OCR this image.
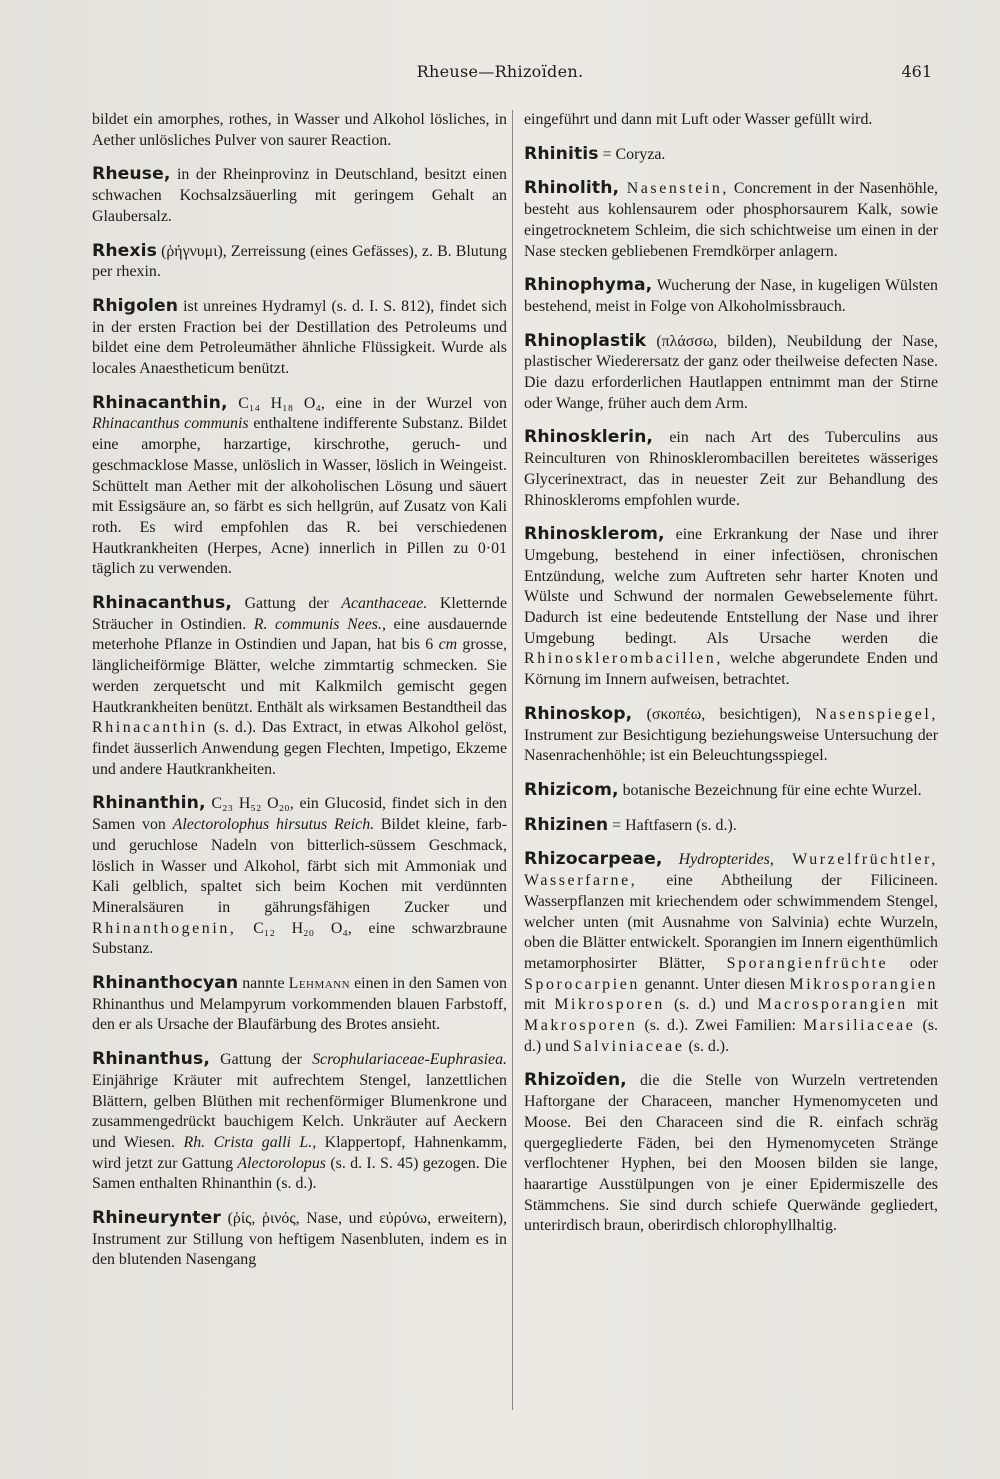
Rheuse—Rhizoïden.	461

bildet ein amorphes, rothes, in Wasser und Alkohol lösliches, in Aether unlösliches Pulver von saurer Reaction.

Rheuse, in der Rheinprovinz in Deutschland, besitzt einen schwachen Kochsalzsäuerling mit geringem Gehalt an Glaubersalz.

Rhexis (ῥήγνυμι), Zerreissung (eines Gefässes), z. B. Blutung per rhexin.

Rhigolen ist unreines Hydramyl (s. d. I. S. 812), findet sich in der ersten Fraction bei der Destillation des Petroleums und bildet eine dem Petroleumäther ähnliche Flüssigkeit. Wurde als locales Anaestheticum benützt.

Rhinacanthin, C₁₄ H₁₈ O₄, eine in der Wurzel von Rhinacanthus communis enthaltene indifferente Substanz. Bildet eine amorphe, harzartige, kirschrothe, geruch- und geschmacklose Masse, unlöslich in Wasser, löslich in Weingeist. Schüttelt man Aether mit der alkoholischen Lösung und säuert mit Essigsäure an, so färbt es sich hellgrün, auf Zusatz von Kali roth. Es wird empfohlen das R. bei verschiedenen Hautkrankheiten (Herpes, Acne) innerlich in Pillen zu 0·01 täglich zu verwenden.

Rhinacanthus, Gattung der Acanthaceae. Kletternde Sträucher in Ostindien. R. communis Nees., eine ausdauernde meterhohe Pflanze in Ostindien und Japan, hat bis 6 cm grosse, länglicheiförmige Blätter, welche zimmtartig schmecken. Sie werden zerquetscht und mit Kalkmilch gemischt gegen Hautkrankheiten benützt. Enthält als wirksamen Bestandtheil das Rhinacanthin (s. d.). Das Extract, in etwas Alkohol gelöst, findet äusserlich Anwendung gegen Flechten, Impetigo, Ekzeme und andere Hautkrankheiten.

Rhinanthin, C₂₃ H₅₂ O₂₀, ein Glucosid, findet sich in den Samen von Alectorolophus hirsutus Reich. Bildet kleine, farb- und geruchlose Nadeln von bitterlich-süssem Geschmack, löslich in Wasser und Alkohol, färbt sich mit Ammoniak und Kali gelblich, spaltet sich beim Kochen mit verdünnten Mineralsäuren in gährungsfähigen Zucker und Rhinanthogenin, C₁₂ H₂₀ O₄, eine schwarzbraune Substanz.

Rhinanthocyan nannte Lehmann einen in den Samen von Rhinanthus und Melampyrum vorkommenden blauen Farbstoff, den er als Ursache der Blaufärbung des Brotes ansieht.

Rhinanthus, Gattung der Scrophulariaceae-Euphrasiea. Einjährige Kräuter mit aufrechtem Stengel, lanzettlichen Blättern, gelben Blüthen mit rechenförmiger Blumenkrone und zusammengedrückt bauchigem Kelch. Unkräuter auf Aeckern und Wiesen. Rh. Crista galli L., Klappertopf, Hahnenkamm, wird jetzt zur Gattung Alectorolopus (s. d. I. S. 45) gezogen. Die Samen enthalten Rhinanthin (s. d.).

Rhineurynter (ῥίς, ῥινός, Nase, und εὐρύνω, erweitern), Instrument zur Stillung von heftigem Nasenbluten, indem es in den blutenden Nasengang

eingeführt und dann mit Luft oder Wasser gefüllt wird.

Rhinitis = Coryza.

Rhinolith, Nasenstein, Concrement in der Nasenhöhle, besteht aus kohlensaurem oder phosphorsaurem Kalk, sowie eingetrocknetem Schleim, die sich schichtweise um einen in der Nase stecken gebliebenen Fremdkörper anlagern.

Rhinophyma, Wucherung der Nase, in kugeligen Wülsten bestehend, meist in Folge von Alkoholmissbrauch.

Rhinoplastik (πλάσσω, bilden), Neubildung der Nase, plastischer Wiederersatz der ganz oder theilweise defecten Nase. Die dazu erforderlichen Hautlappen entnimmt man der Stirne oder Wange, früher auch dem Arm.

Rhinosklerin, ein nach Art des Tuberculins aus Reinculturen von Rhinosklerombacillen bereitetes wässeriges Glycerinextract, das in neuester Zeit zur Behandlung des Rhinoskleroms empfohlen wurde.

Rhinosklerom, eine Erkrankung der Nase und ihrer Umgebung, bestehend in einer infectiösen, chronischen Entzündung, welche zum Auftreten sehr harter Knoten und Wülste und Schwund der normalen Gewebselemente führt. Dadurch ist eine bedeutende Entstellung der Nase und ihrer Umgebung bedingt. Als Ursache werden die Rhinosklerombacillen, welche abgerundete Enden und Körnung im Innern aufweisen, betrachtet.

Rhinoskop, (σκοπέω, besichtigen), Nasenspiegel, Instrument zur Besichtigung beziehungsweise Untersuchung der Nasenrachenhöhle; ist ein Beleuchtungsspiegel.

Rhizicom, botanische Bezeichnung für eine echte Wurzel.

Rhizinen = Haftfasern (s. d.).

Rhizocarpeae, Hydropterides, Wurzelfrüchtler, Wasserfarne, eine Abtheilung der Filicineen. Wasserpflanzen mit kriechendem oder schwimmendem Stengel, welcher unten (mit Ausnahme von Salvinia) echte Wurzeln, oben die Blätter entwickelt. Sporangien im Innern eigenthümlich metamorphosirter Blätter, Sporangienfrüchte oder Sporocarpien genannt. Unter diesen Mikrosporangien mit Mikrosporen (s. d.) und Macrosporangien mit Makrosporen (s. d.). Zwei Familien: Marsiliaceae (s. d.) und Salviniaceae (s. d.).

Rhizoïden, die die Stelle von Wurzeln vertretenden Haftorgane der Characeen, mancher Hymenomyceten und Moose. Bei den Characeen sind die R. einfach schräg quergegliederte Fäden, bei den Hymenomyceten Stränge verflochtener Hyphen, bei den Moosen bilden sie lange, haarartige Ausstülpungen von je einer Epidermiszelle des Stämmchens. Sie sind durch schiefe Querwände gegliedert, unterirdisch braun, oberirdisch chlorophyllhaltig.
